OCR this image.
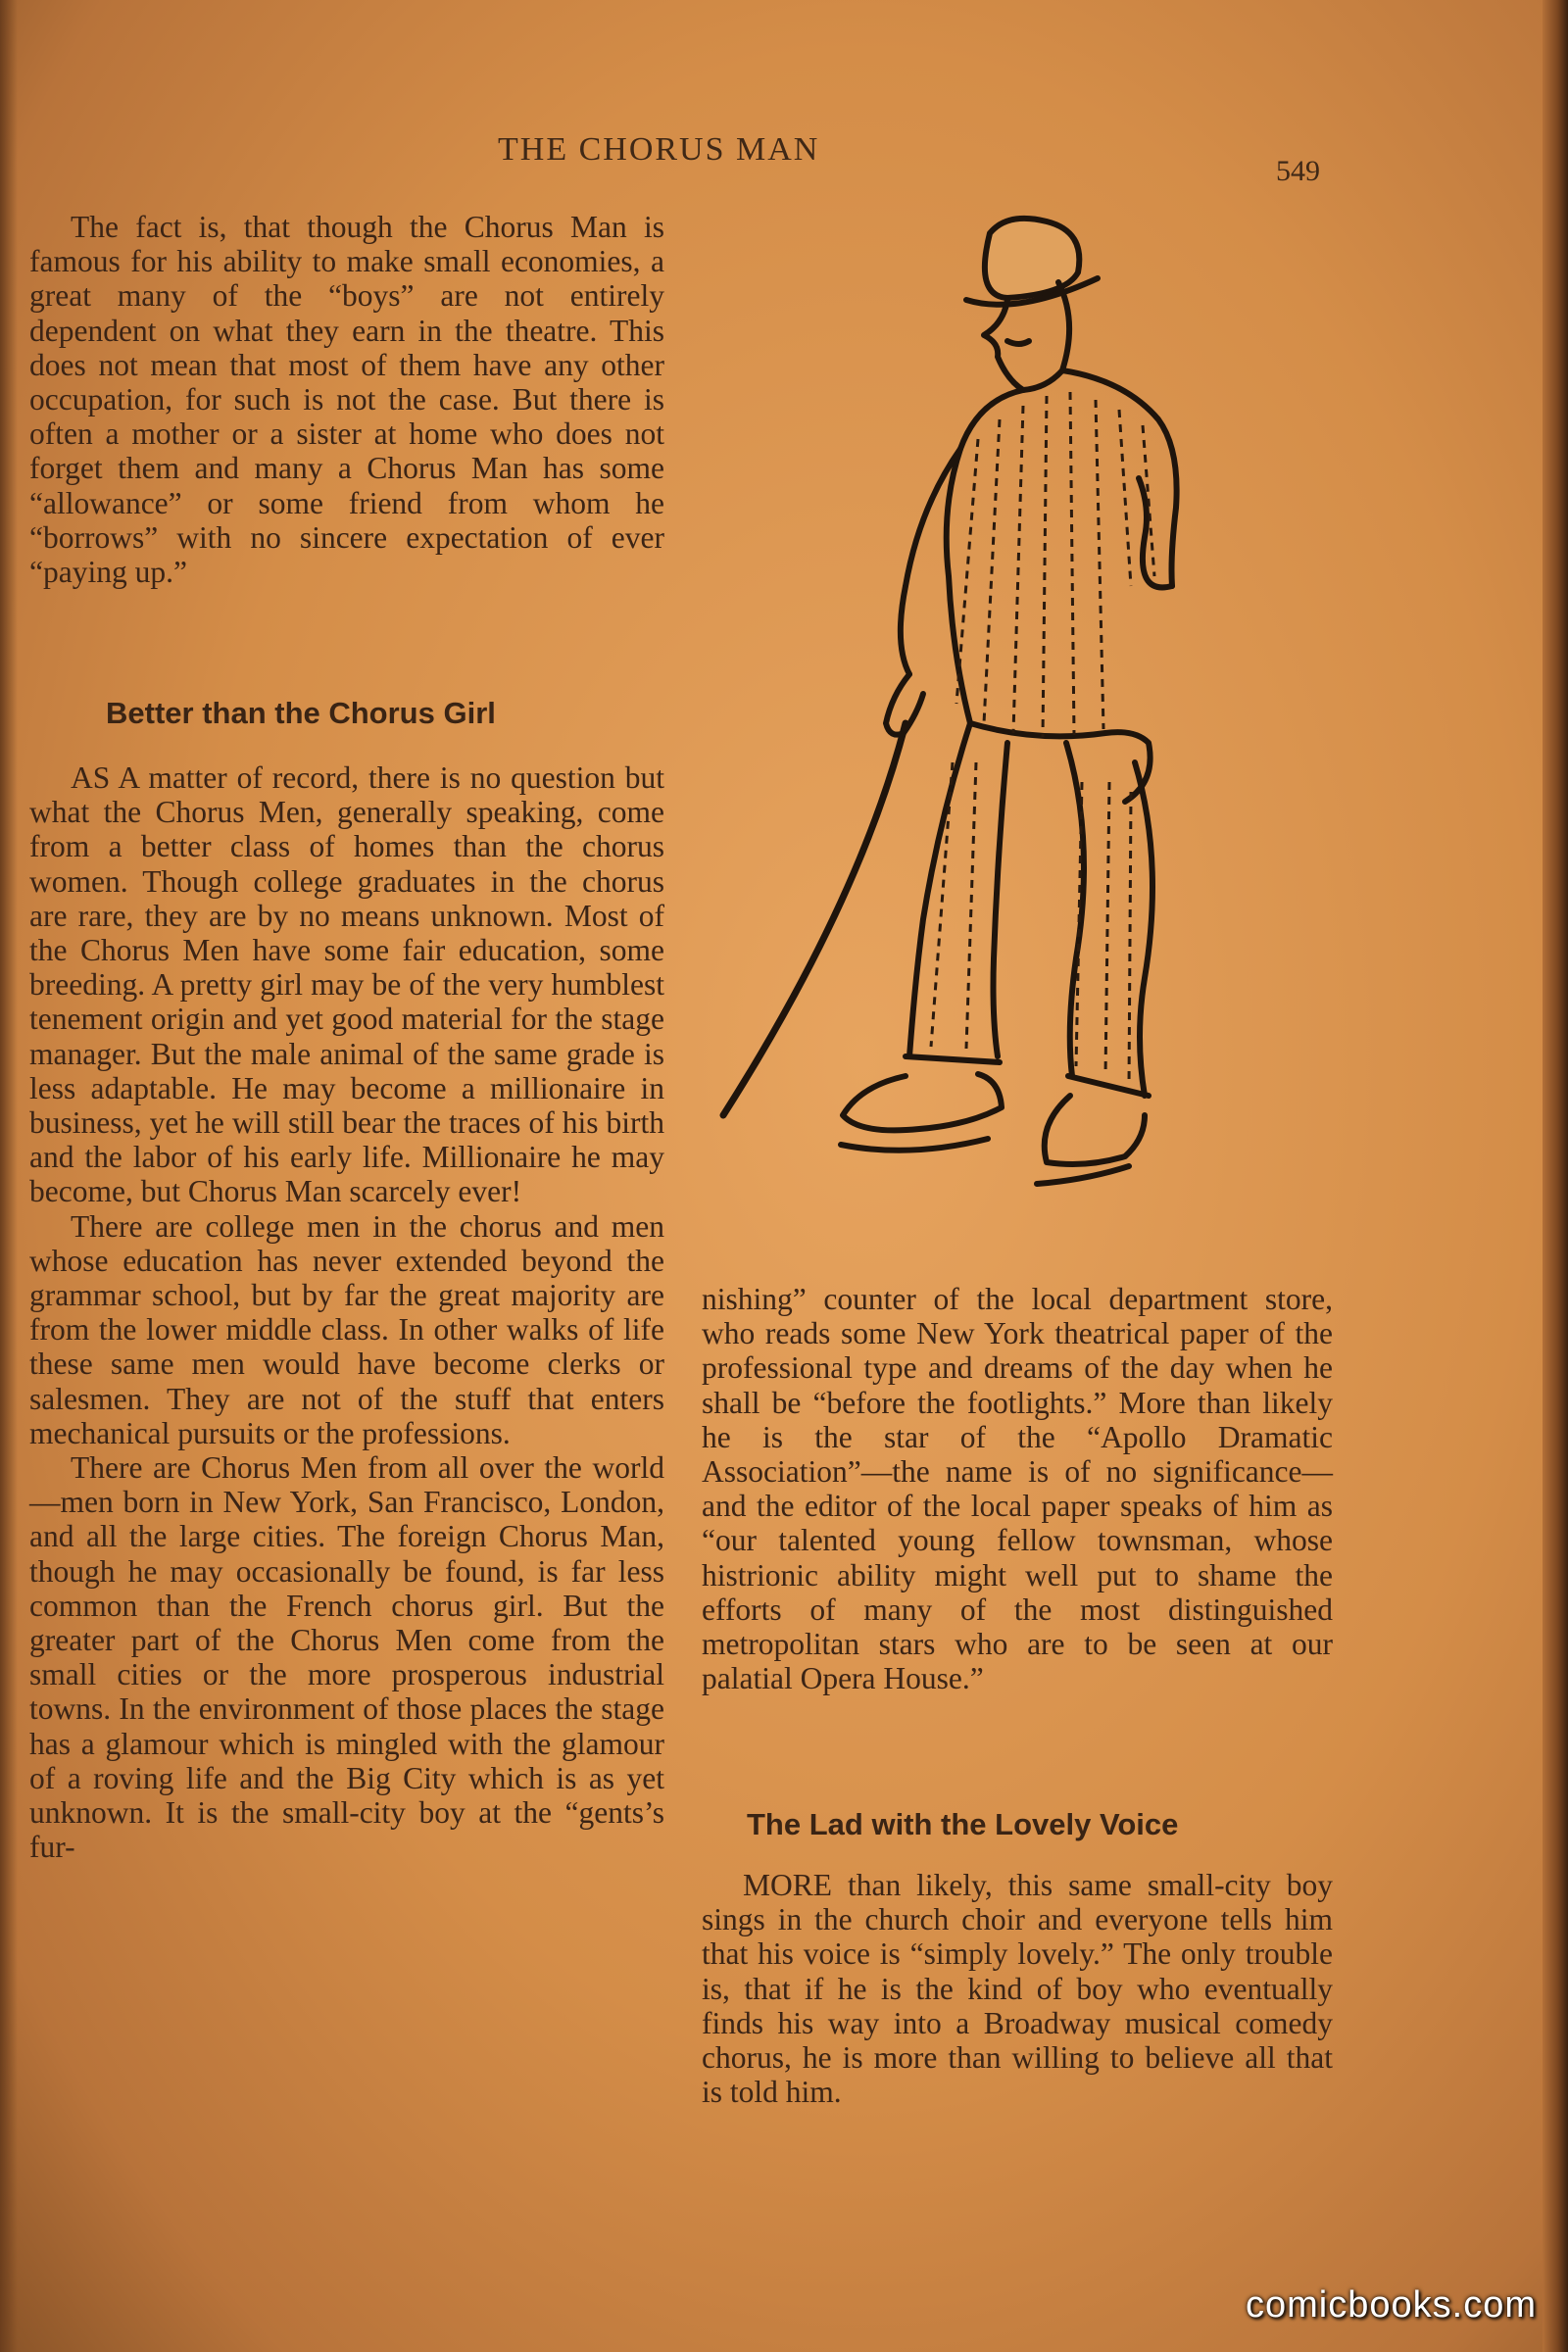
THE CHORUS MAN
549

The fact is, that though the Chorus Man is famous for his ability to make small economies, a great many of the “boys” are not entirely dependent on what they earn in the theatre. This does not mean that most of them have any other occupation, for such is not the case. But there is often a mother or a sister at home who does not forget them and many a Chorus Man has some “allowance” or some friend from whom he “borrows” with no sincere expectation of ever “paying up.”

Better than the Chorus Girl

AS A matter of record, there is no question but what the Chorus Men, generally speaking, come from a better class of homes than the chorus women. Though college graduates in the chorus are rare, they are by no means unknown. Most of the Chorus Men have some fair education, some breeding. A pretty girl may be of the very humblest tenement origin and yet good material for the stage manager. But the male animal of the same grade is less adaptable. He may become a millionaire in business, yet he will still bear the traces of his birth and the labor of his early life. Millionaire he may become, but Chorus Man scarcely ever!

There are college men in the chorus and men whose education has never extended beyond the grammar school, but by far the great majority are from the lower middle class. In other walks of life these same men would have become clerks or salesmen. They are not of the stuff that enters mechanical pursuits or the professions.

There are Chorus Men from all over the world—men born in New York, San Francisco, London, and all the large cities. The foreign Chorus Man, though he may occasionally be found, is far less common than the French chorus girl. But the greater part of the Chorus Men come from the small cities or the more prosperous industrial towns. In the environment of those places the stage has a glamour which is mingled with the glamour of a roving life and the Big City which is as yet unknown. It is the small-city boy at the “gents’s fur-

nishing” counter of the local department store, who reads some New York theatrical paper of the professional type and dreams of the day when he shall be “before the footlights.” More than likely he is the star of the “Apollo Dramatic Association”—the name is of no significance—and the editor of the local paper speaks of him as “our talented young fellow townsman, whose histrionic ability might well put to shame the efforts of many of the most distinguished metropolitan stars who are to be seen at our palatial Opera House.”

The Lad with the Lovely Voice

MORE than likely, this same small-city boy sings in the church choir and everyone tells him that his voice is “simply lovely.” The only trouble is, that if he is the kind of boy who eventually finds his way into a Broadway musical comedy chorus, he is more than willing to believe all that is told him.

comicbooks.com
